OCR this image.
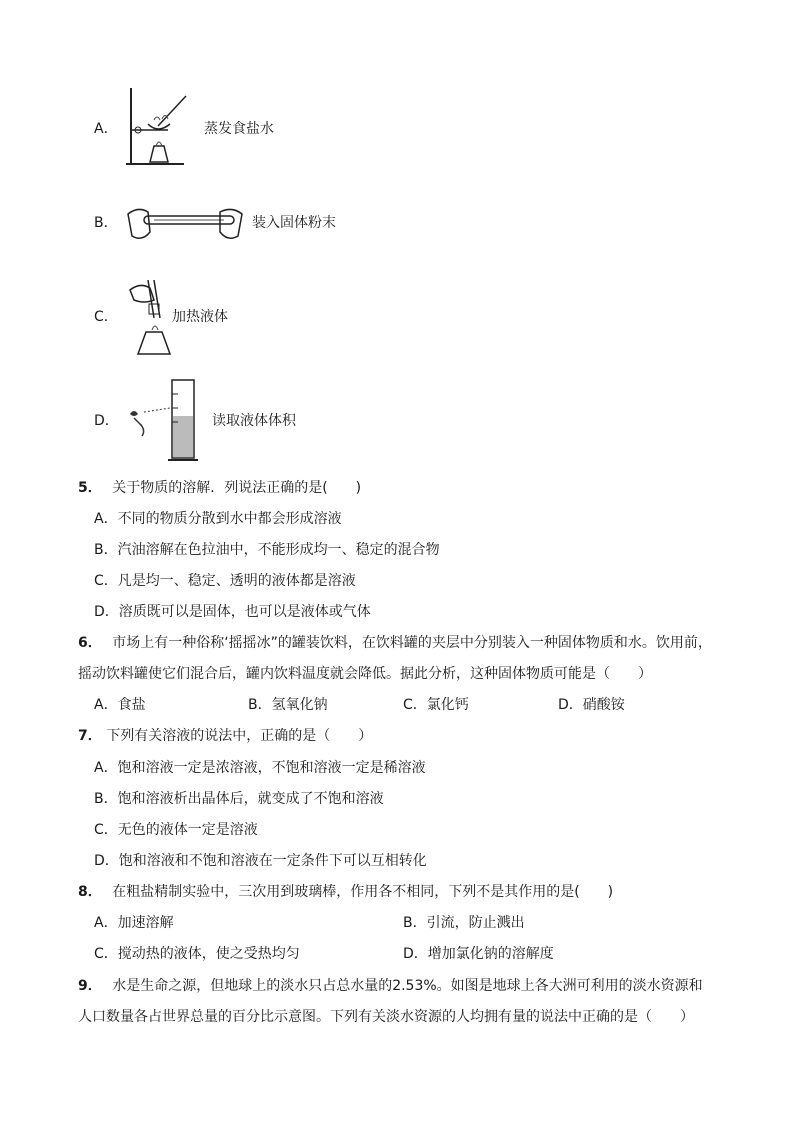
A．	蒸发食盐水
B．	装入固体粉末
C．	加热液体
D．	读取液体体积
5． 关于物质的溶解．列说法正确的是(　　)
A．不同的物质分散到水中都会形成溶液
B．汽油溶解在色拉油中，不能形成均一、稳定的混合物
C．凡是均一、稳定、透明的液体都是溶液
D．溶质既可以是固体，也可以是液体或气体
6． 市场上有一种俗称‘摇摇冰”的罐装饮料，在饮料罐的夹层中分别装入一种固体物质和水。饮用前，
摇动饮料罐使它们混合后，罐内饮料温度就会降低。据此分析，这种固体物质可能是（　　）
A．食盐	B．氢氧化钠	C．氯化钙	D．硝酸铵
7． 下列有关溶液的说法中，正确的是（　　）
A．饱和溶液一定是浓溶液，不饱和溶液一定是稀溶液
B．饱和溶液析出晶体后，就变成了不饱和溶液
C．无色的液体一定是溶液
D．饱和溶液和不饱和溶液在一定条件下可以互相转化
8． 在粗盐精制实验中，三次用到玻璃棒，作用各不相同，下列不是其作用的是(　　)
A．加速溶解	B．引流，防止溅出
C．搅动热的液体，使之受热均匀	D．增加氯化钠的溶解度
9． 水是生命之源，但地球上的淡水只占总水量的2.53%。如图是地球上各大洲可利用的淡水资源和
人口数量各占世界总量的百分比示意图。下列有关淡水资源的人均拥有量的说法中正确的是（　　）
